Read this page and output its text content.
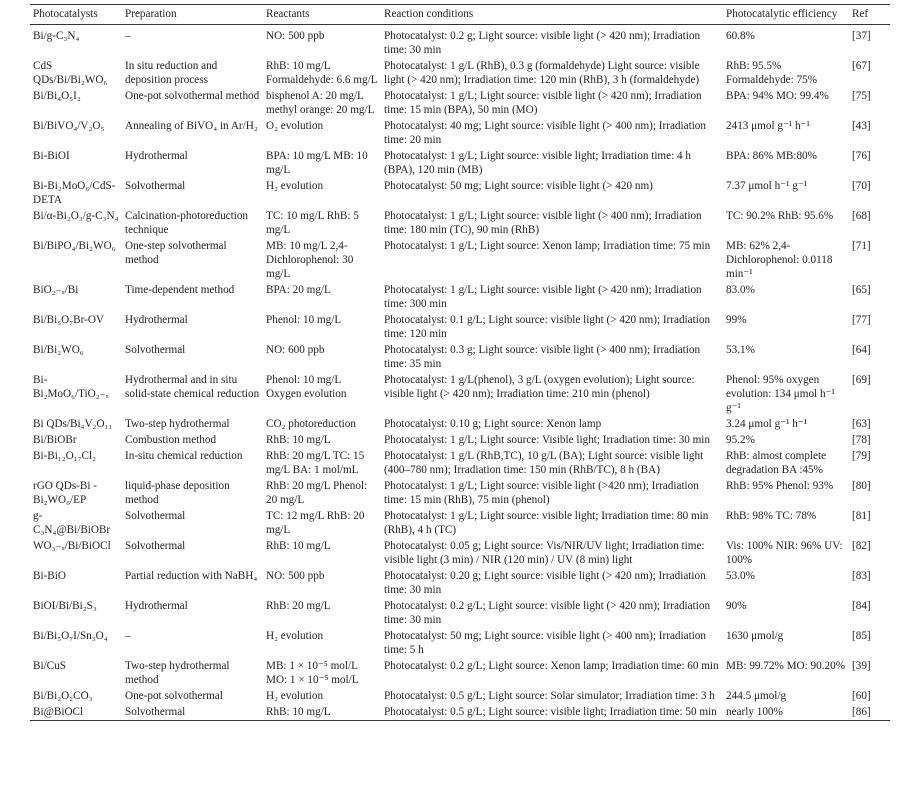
Photocatalysts	Preparation	Reactants	Reaction conditions	Photocatalytic efficiency	Ref
Bi/g-C₃N₄	–	NO: 500 ppb	Photocatalyst: 0.2 g; Light source: visible light (> 420 nm); Irradiation time: 30 min	60.8%	[37]
CdS QDs/Bi/Bi₂WO₆	In situ reduction and deposition process	RhB: 10 mg/L Formaldehyde: 6.6 mg/L	Photocatalyst: 1 g/L (RhB), 0.3 g (formaldehyde) Light source: visible light (> 420 nm); Irradiation time: 120 min (RhB), 3 h (formaldehyde)	RhB: 95.5% Formaldehyde: 75%	[67]
Bi/Bi₄O₅I₂	One-pot solvothermal method	bisphenol A: 20 mg/L methyl orange: 20 mg/L	Photocatalyst: 1 g/L; Light source: visible light (> 420 nm); Irradiation time: 15 min (BPA), 50 min (MO)	BPA: 94% MO: 99.4%	[75]
Bi/BiVO₄/V₂O₅	Annealing of BiVO₄ in Ar/H₂	O₂ evolution	Photocatalyst: 40 mg; Light source: visible light (> 400 nm); Irradiation time: 20 min	2413 μmol g⁻¹ h⁻¹	[43]
Bi-BiOI	Hydrothermal	BPA: 10 mg/L MB: 10 mg/L	Photocatalyst: 1 g/L; Light source: visible light; Irradiation time: 4 h (BPA), 120 min (MB)	BPA: 86% MB:80%	[76]
Bi-Bi₂MoO₆/CdS-DETA	Solvothermal	H₂ evolution	Photocatalyst: 50 mg; Light source: visible light (> 420 nm)	7.37 μmol h⁻¹ g⁻¹	[70]
Bi/α-Bi₂O₃/g-C₃N₄	Calcination-photoreduction technique	TC: 10 mg/L RhB: 5 mg/L	Photocatalyst: 1 g/L; Light source: visible light (> 400 nm); Irradiation time: 180 min (TC), 90 min (RhB)	TC: 90.2% RhB: 95.6%	[68]
Bi/BiPO₄/Bi₂WO₆	One-step solvothermal method	MB: 10 mg/L 2,4-Dichlorophenol: 30 mg/L	Photocatalyst: 1 g/L; Light source: Xenon lamp; Irradiation time: 75 min	MB: 62% 2,4-Dichlorophenol: 0.0118 min⁻¹	[71]
BiO₂₋ₓ/Bi	Time-dependent method	BPA: 20 mg/L	Photocatalyst: 1 g/L; Light source: visible light (> 420 nm); Irradiation time: 300 min	83.0%	[65]
Bi/Bi₅O₇Br-OV	Hydrothermal	Phenol: 10 mg/L	Photocatalyst: 0.1 g/L; Light source: visible light (> 420 nm); Irradiation time: 120 min	99%	[77]
Bi/Bi₂WO₆	Solvothermal	NO: 600 ppb	Photocatalyst: 0.3 g; Light source: visible light (> 400 nm); Irradiation time: 35 min	53.1%	[64]
Bi-Bi₂MoO₆/TiO₂₋ₓ	Hydrothermal and in situ solid-state chemical reduction	Phenol: 10 mg/L Oxygen evolution	Photocatalyst: 1 g/L(phenol), 3 g/L (oxygen evolution); Light source: visible light (> 420 nm); Irradiation time: 210 min (phenol)	Phenol: 95% oxygen evolution: 134 μmol h⁻¹ g⁻¹	[69]
Bi QDs/Bi₄V₂O₁₁	Two-step hydrothermal	CO₂ photoreduction	Photocatalyst: 0.10 g; Light source: Xenon lamp	3.24 μmol g⁻¹ h⁻¹	[63]
Bi/BiOBr	Combustion method	RhB: 10 mg/L	Photocatalyst: 1 g/L; Light source: Visible light; Irradiation time: 30 min	95.2%	[78]
Bi-Bi₁₂O₁₇Cl₂	In-situ chemical reduction	RhB: 20 mg/L TC: 15 mg/L BA: 1 mol/mL	Photocatalyst: 1 g/L (RhB,TC), 10 g/L (BA); Light source: visible light (400–780 nm); Irradiation time: 150 min (RhB/TC), 8 h (BA)	RhB: almost complete degradation BA :45%	[79]
rGO QDs-Bi -Bi₂WO₆/EP	liquid-phase deposition method	RhB: 20 mg/L Phenol: 20 mg/L	Photocatalyst: 1 g/L; Light source: visible light (>420 nm); Irradiation time: 15 min (RhB), 75 min (phenol)	RhB: 95% Phenol: 93%	[80]
g-C₃N₄@Bi/BiOBr	Solvothermal	TC: 12 mg/L RhB: 20 mg/L	Photocatalyst: 1 g/L; Light source: visible light; Irradiation time: 80 min (RhB), 4 h (TC)	RhB: 98% TC: 78%	[81]
WO₃₋ₓ/Bi/BiOCl	Solvothermal	RhB: 10 mg/L	Photocatalyst: 0.05 g; Light source: Vis/NIR/UV light; Irradiation time: visible light (3 min) / NIR (120 min) / UV (8 min) light	Vis: 100% NIR: 96% UV: 100%	[82]
Bi-BiO	Partial reduction with NaBH₄	NO: 500 ppb	Photocatalyst: 0.20 g; Light source: visible light (> 420 nm); Irradiation time: 30 min	53.0%	[83]
BiOI/Bi/Bi₂S₃	Hydrothermal	RhB: 20 mg/L	Photocatalyst: 0.2 g/L; Light source: visible light (> 420 nm); Irradiation time: 30 min	90%	[84]
Bi/Bi₅O₇I/Sn₃O₄	–	H₂ evolution	Photocatalyst: 50 mg; Light source: visible light (> 400 nm); Irradiation time: 5 h	1630 μmol/g	[85]
Bi/CuS	Two-step hydrothermal method	MB: 1 × 10⁻⁵ mol/L MO: 1 × 10⁻⁵ mol/L	Photocatalyst: 0.2 g/L; Light source: Xenon lamp; Irradiation time: 60 min	MB: 99.72% MO: 90.20%	[39]
Bi/Bi₂O₂CO₃	One-pot solvothermal	H₂ evolution	Photocatalyst: 0.5 g/L; Light source: Solar simulator; Irradiation time: 3 h	244.5 μmol/g	[60]
Bi@BiOCl	Solvothermal	RhB: 10 mg/L	Photocatalyst: 0.5 g/L; Light source: visible light; Irradiation time: 50 min	nearly 100%	[86]
